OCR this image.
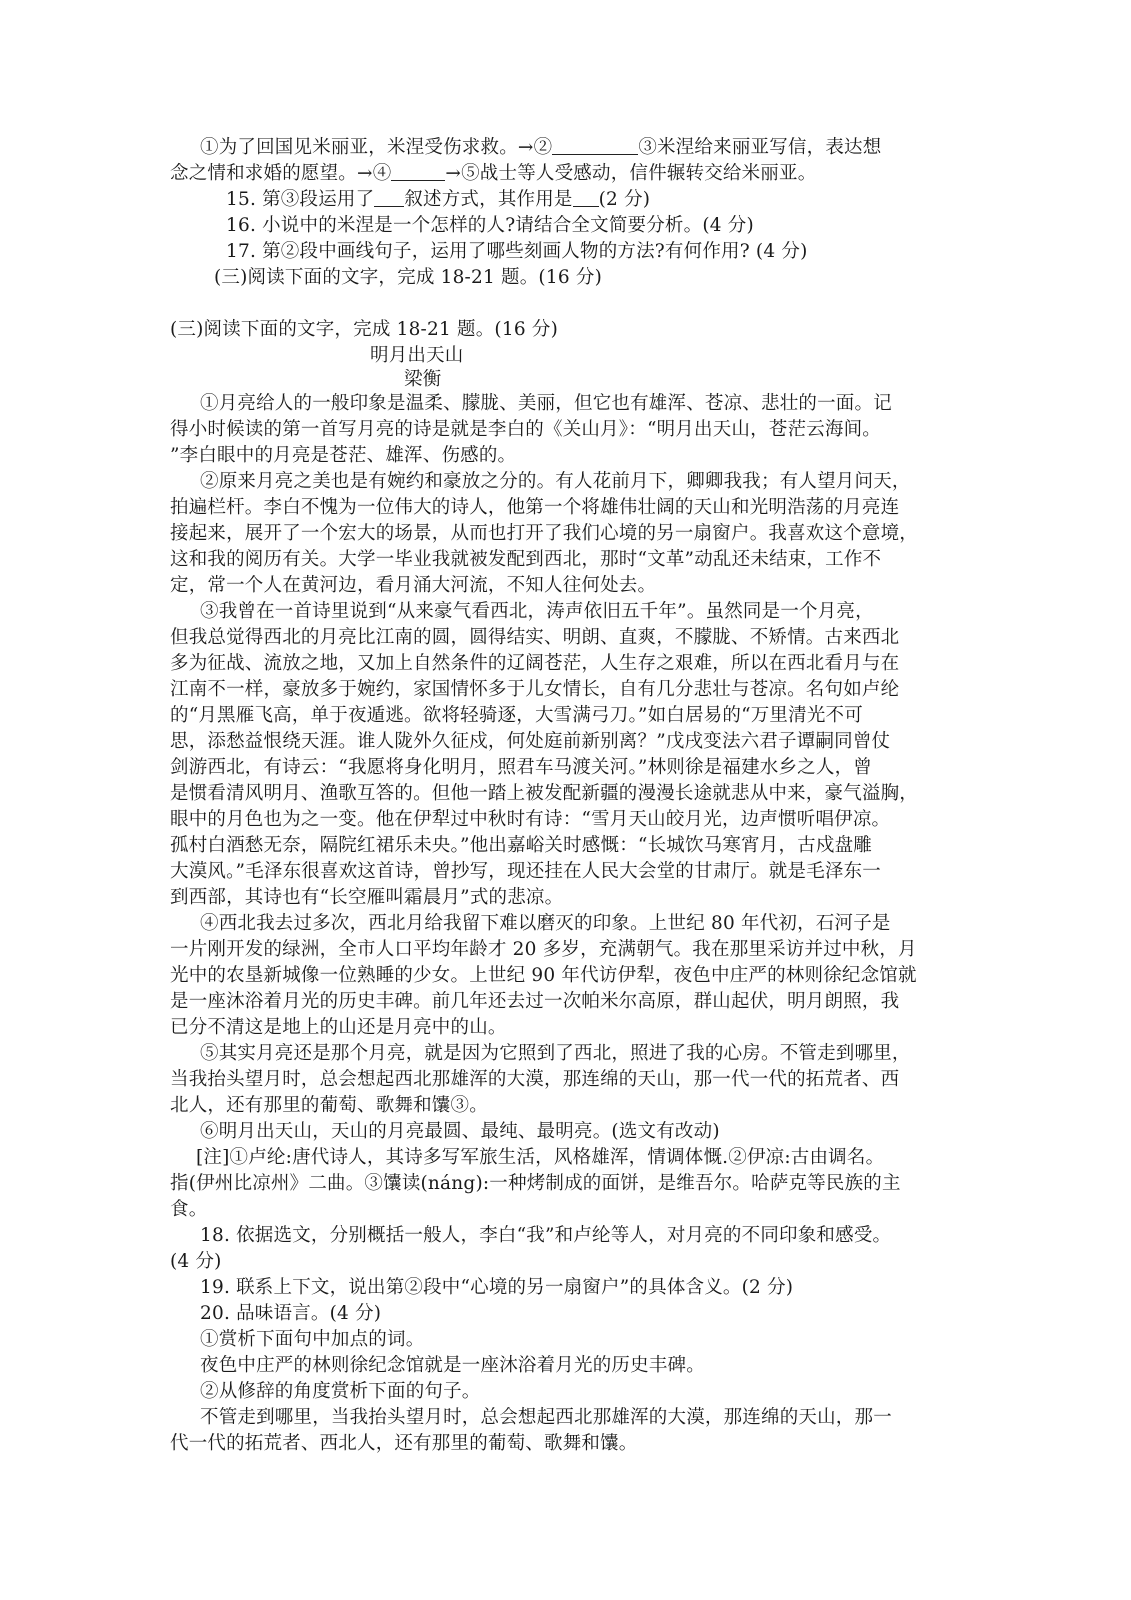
①为了回国见米丽亚，米涅受伤求救。→②	③米涅给来丽亚写信，表达想
念之情和求婚的愿望。→④	→⑤战士等人受感动，信件辗转交给米丽亚。
15. 第③段运用了 叙述方式，其作用是 (2 分)
16. 小说中的米涅是一个怎样的人?请结合全文简要分析。(4 分)
17. 第②段中画线句子，运用了哪些刻画人物的方法?有何作用? (4 分)
(三)阅读下面的文字，完成 18-21 题。(16 分)
(三)阅读下面的文字，完成 18-21 题。(16 分)
明月出天山
梁衡
①月亮给人的一般印象是温柔、朦胧、美丽，但它也有雄浑、苍凉、悲壮的一面。记
得小时候读的第一首写月亮的诗是就是李白的《关山月》：“明月出天山，苍茫云海间。
”李白眼中的月亮是苍茫、雄浑、伤感的。
②原来月亮之美也是有婉约和豪放之分的。有人花前月下，卿卿我我；有人望月问天，
拍遍栏杆。李白不愧为一位伟大的诗人，他第一个将雄伟壮阔的天山和光明浩荡的月亮连
接起来，展开了一个宏大的场景，从而也打开了我们心境的另一扇窗户。我喜欢这个意境，
这和我的阅历有关。大学一毕业我就被发配到西北，那时“文革”动乱还未结束，工作不
定，常一个人在黄河边，看月涌大河流，不知人往何处去。
③我曾在一首诗里说到“从来豪气看西北，涛声依旧五千年”。虽然同是一个月亮，
但我总觉得西北的月亮比江南的圆，圆得结实、明朗、直爽，不朦胧、不矫情。古来西北
多为征战、流放之地，又加上自然条件的辽阔苍茫，人生存之艰难，所以在西北看月与在
江南不一样，豪放多于婉约，家国情怀多于儿女情长，自有几分悲壮与苍凉。名句如卢纶
的“月黑雁飞高，单于夜遁逃。欲将轻骑逐，大雪满弓刀。”如白居易的“万里清光不可
思，添愁益恨绕天涯。谁人陇外久征戍，何处庭前新别离？”戊戌变法六君子谭嗣同曾仗
剑游西北，有诗云：“我愿将身化明月，照君车马渡关河。”林则徐是福建水乡之人，曾
是惯看清风明月、渔歌互答的。但他一踏上被发配新疆的漫漫长途就悲从中来，豪气溢胸，
眼中的月色也为之一变。他在伊犁过中秋时有诗：“雪月天山皎月光，边声惯听唱伊凉。
孤村白酒愁无奈，隔院红裙乐未央。”他出嘉峪关时感慨：“长城饮马寒宵月，古戍盘雕
大漠风。”毛泽东很喜欢这首诗，曾抄写，现还挂在人民大会堂的甘肃厅。就是毛泽东一
到西部，其诗也有“长空雁叫霜晨月”式的悲凉。
④西北我去过多次，西北月给我留下难以磨灭的印象。上世纪 80 年代初，石河子是
一片刚开发的绿洲，全市人口平均年龄才 20 多岁，充满朝气。我在那里采访并过中秋，月
光中的农垦新城像一位熟睡的少女。上世纪 90 年代访伊犁，夜色中庄严的林则徐纪念馆就
是一座沐浴着月光的历史丰碑。前几年还去过一次帕米尔高原，群山起伏，明月朗照，我
已分不清这是地上的山还是月亮中的山。
⑤其实月亮还是那个月亮，就是因为它照到了西北，照进了我的心房。不管走到哪里，
当我抬头望月时，总会想起西北那雄浑的大漠，那连绵的天山，那一代一代的拓荒者、西
北人，还有那里的葡萄、歌舞和馕③。
⑥明月出天山，天山的月亮最圆、最纯、最明亮。(选文有改动)
[注]①卢纶:唐代诗人，其诗多写军旅生活，风格雄浑，情调体慨.②伊凉:古由调名。
指(伊州比凉州》二曲。③馕读(náng):一种烤制成的面饼，是维吾尔。哈萨克等民族的主
食。
18. 依据选文，分别概括一般人，李白“我”和卢纶等人，对月亮的不同印象和感受。
(4 分)
19. 联系上下文，说出第②段中“心境的另一扇窗户”的具体含义。(2 分)
20. 品味语言。(4 分)
①赏析下面句中加点的词。
夜色中庄严的林则徐纪念馆就是一座沐浴着月光的历史丰碑。
②从修辞的角度赏析下面的句子。
不管走到哪里，当我抬头望月时，总会想起西北那雄浑的大漠，那连绵的天山，那一
代一代的拓荒者、西北人，还有那里的葡萄、歌舞和馕。
